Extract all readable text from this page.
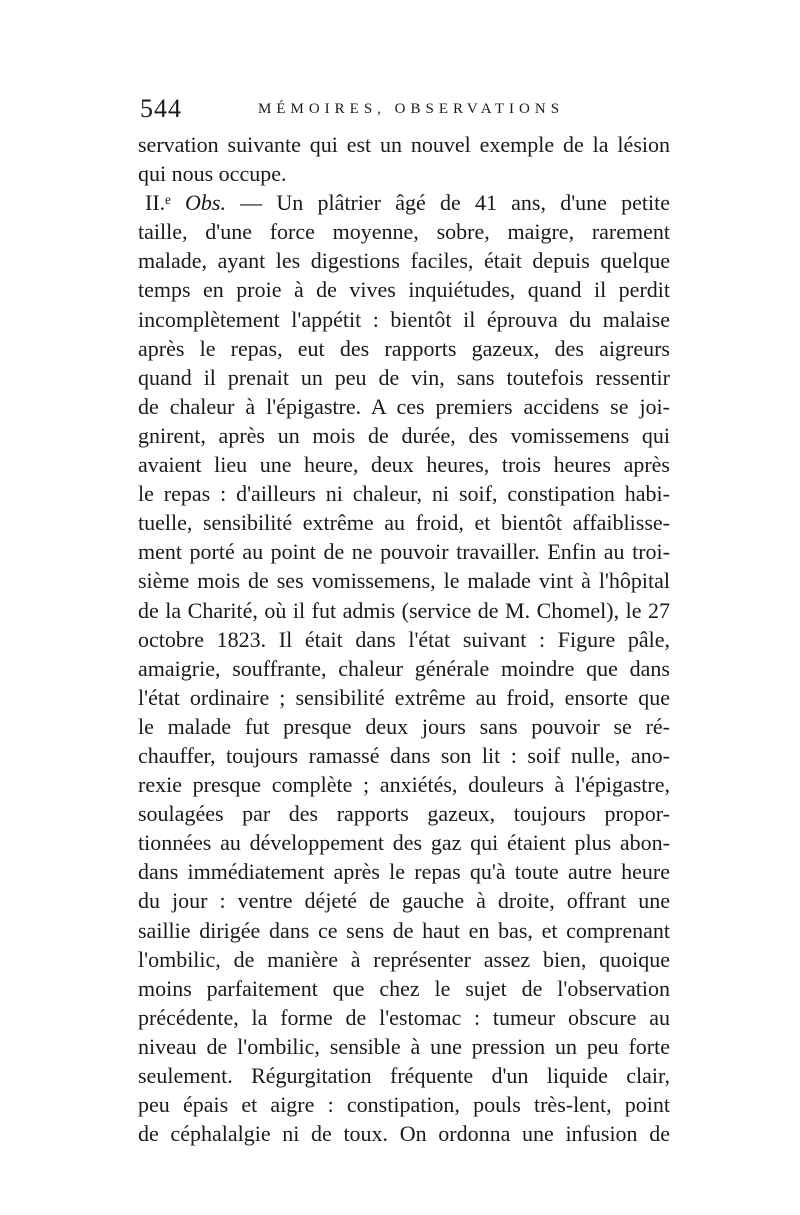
544	MÉMOIRES, OBSERVATIONS
servation suivante qui est un nouvel exemple de la lésion
qui nous occupe.
II.ᵉ Obs. — Un plâtrier âgé de 41 ans, d'une petite
taille, d'une force moyenne, sobre, maigre, rarement
malade, ayant les digestions faciles, était depuis quelque
temps en proie à de vives inquiétudes, quand il perdit
incomplètement l'appétit : bientôt il éprouva du malaise
après le repas, eut des rapports gazeux, des aigreurs
quand il prenait un peu de vin, sans toutefois ressentir
de chaleur à l'épigastre. A ces premiers accidens se joi-
gnirent, après un mois de durée, des vomissemens qui
avaient lieu une heure, deux heures, trois heures après
le repas : d'ailleurs ni chaleur, ni soif, constipation habi-
tuelle, sensibilité extrême au froid, et bientôt affaiblisse-
ment porté au point de ne pouvoir travailler. Enfin au troi-
sième mois de ses vomissemens, le malade vint à l'hôpital
de la Charité, où il fut admis (service de M. Chomel), le 27
octobre 1823. Il était dans l'état suivant : Figure pâle,
amaigrie, souffrante, chaleur générale moindre que dans
l'état ordinaire ; sensibilité extrême au froid, ensorte que
le malade fut presque deux jours sans pouvoir se ré-
chauffer, toujours ramassé dans son lit : soif nulle, ano-
rexie presque complète ; anxiétés, douleurs à l'épigastre,
soulagées par des rapports gazeux, toujours propor-
tionnées au développement des gaz qui étaient plus abon-
dans immédiatement après le repas qu'à toute autre heure
du jour : ventre déjeté de gauche à droite, offrant une
saillie dirigée dans ce sens de haut en bas, et comprenant
l'ombilic, de manière à représenter assez bien, quoique
moins parfaitement que chez le sujet de l'observation
précédente, la forme de l'estomac : tumeur obscure au
niveau de l'ombilic, sensible à une pression un peu forte
seulement. Régurgitation fréquente d'un liquide clair,
peu épais et aigre : constipation, pouls très-lent, point
de céphalalgie ni de toux. On ordonna une infusion de
